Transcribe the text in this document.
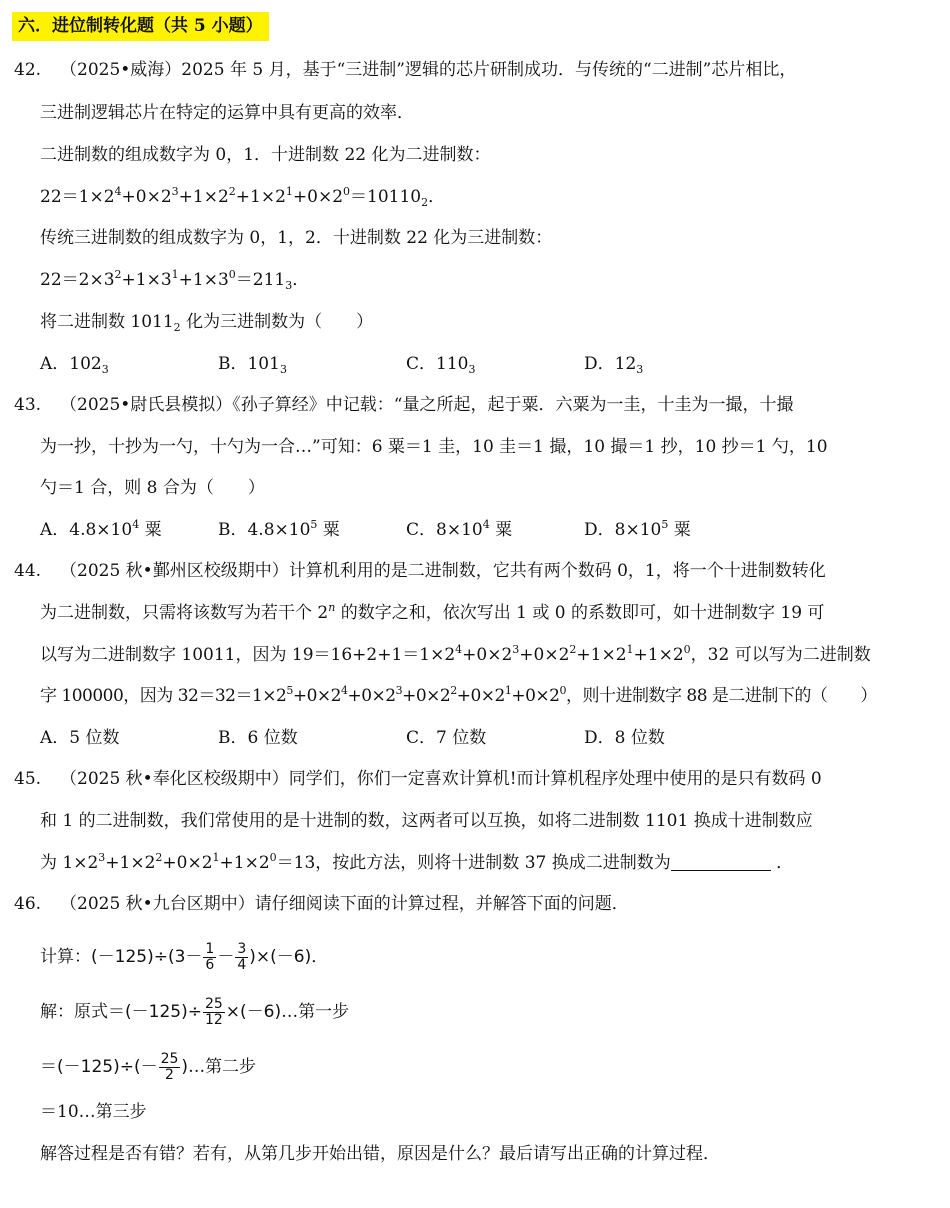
六．进位制转化题（共 5 小题）
42. （2025•威海）2025 年 5 月，基于“三进制”逻辑的芯片研制成功．与传统的“二进制”芯片相比，
三进制逻辑芯片在特定的运算中具有更高的效率．
二进制数的组成数字为 0，1．十进制数 22 化为二进制数：
$22=1\times 2^4+0\times 2^3+1\times 2^2+1\times 2^1+0\times 2^0=10110_2$．
传统三进制数的组成数字为 0，1，2．十进制数 22 化为三进制数：
$22=2\times 3^2+1\times 3^1+1\times 3^0=211_3$．
将二进制数 $1011_2$ 化为三进制数为（　　）
A．$102_3$	B．$101_3$	C．$110_3$	D．$12_3$
43. （2025•尉氏县模拟）《孙子算经》中记载：“量之所起，起于粟．六粟为一圭，十圭为一撮，十撮
为一抄，十抄为一勺，十勺为一合…”可知：6 粟＝1 圭，10 圭＝1 撮，10 撮＝1 抄，10 抄＝1 勺，10
勺＝1 合，则 8 合为（　　）
A．$4.8\times 10^4$ 粟	B．$4.8\times 10^5$ 粟	C．$8\times 10^4$ 粟	D．$8\times 10^5$ 粟
44. （2025 秋•鄞州区校级期中）计算机利用的是二进制数，它共有两个数码 0，1，将一个十进制数转化
为二进制数，只需将该数写为若干个 2$^n$ 的数字之和，依次写出 1 或 0 的系数即可，如十进制数字 19 可
以写为二进制数字 10011，因为 $19=16+2+1=1\times 2^4+0\times 2^3+0\times 2^2+1\times 2^1+1\times 2^0$，32 可以写为二进制数
字 100000，因为 $32=32=1\times 2^5+0\times 2^4+0\times 2^3+0\times 2^2+0\times 2^1+0\times 2^0$，则十进制数字 88 是二进制下的（　　）
A．5 位数	B．6 位数	C．7 位数	D．8 位数
45. （2025 秋•奉化区校级期中）同学们，你们一定喜欢计算机!而计算机程序处理中使用的是只有数码 0
和 1 的二进制数，我们常使用的是十进制的数，这两者可以互换，如将二进制数 1101 换成十进制数应
为 $1\times 2^3+1\times 2^2+0\times 2^1+1\times 2^0=13$，按此方法，则将十进制数 37 换成二进制数为	．
46. （2025 秋•九台区期中）请仔细阅读下面的计算过程，并解答下面的问题．
计算：$(-125)\div(3- \frac{1}{6} - \frac{3}{4} )\times(-6)$．
解：原式$=(-125)\div \frac{25}{12}$ ×(－6)…第一步
$=(-125)\div(- \frac{25}{2}$ )…第二步
＝10…第三步
解答过程是否有错？若有，从第几步开始出错，原因是什么？最后请写出正确的计算过程．
